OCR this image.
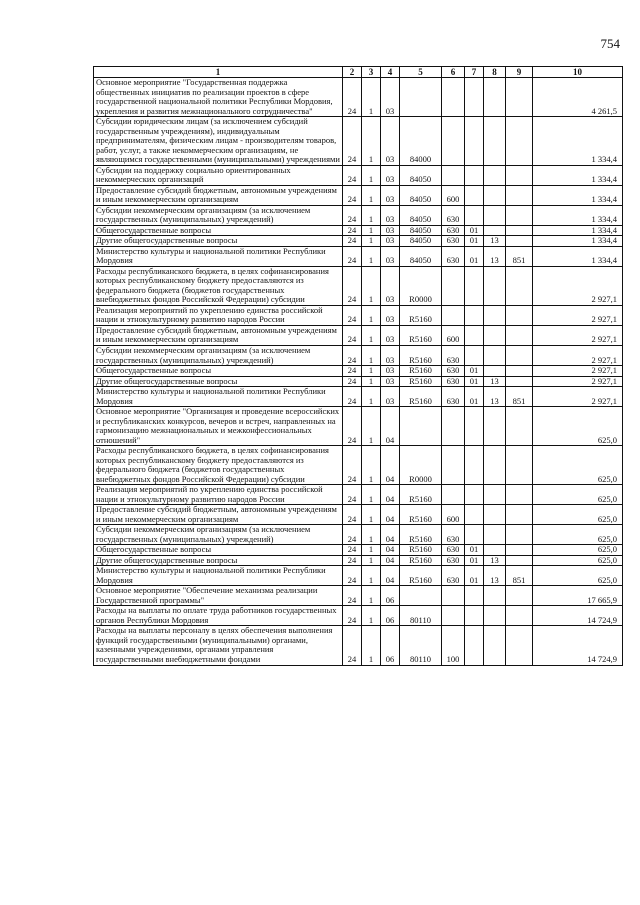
754
1	2	3	4	5	6	7	8	9	10
Основное мероприятие "Государственная поддержка общественных инициатив по реализации проектов в сфере государственной национальной политики Республики Мордовия, укрепления и развития межнационального сотрудничества"	24	1	03						4 261,5
Субсидии юридическим лицам (за исключением субсидий государственным учреждениям), индивидуальным предпринимателям, физическим лицам - производителям товаров, работ, услуг, а также некоммерческим организациям, не являющимся государственными (муниципальными) учреждениями	24	1	03	84000					1 334,4
Субсидии на поддержку социально ориентированных некоммерческих организаций	24	1	03	84050					1 334,4
Предоставление субсидий бюджетным, автономным учреждениям и иным некоммерческим организациям	24	1	03	84050	600				1 334,4
Субсидии некоммерческим организациям (за исключением государственных (муниципальных) учреждений)	24	1	03	84050	630				1 334,4
Общегосударственные вопросы	24	1	03	84050	630	01			1 334,4
Другие общегосударственные вопросы	24	1	03	84050	630	01	13		1 334,4
Министерство культуры и национальной политики Республики Мордовия	24	1	03	84050	630	01	13	851	1 334,4
Расходы республиканского бюджета, в целях софинансирования которых республиканскому бюджету предоставляются из федерального бюджета (бюджетов государственных внебюджетных фондов Российской Федерации) субсидии	24	1	03	R0000					2 927,1
Реализация мероприятий по укреплению единства российской нации и этнокультурному развитию народов России	24	1	03	R5160					2 927,1
Предоставление субсидий бюджетным, автономным учреждениям и иным некоммерческим организациям	24	1	03	R5160	600				2 927,1
Субсидии некоммерческим организациям (за исключением государственных (муниципальных) учреждений)	24	1	03	R5160	630				2 927,1
Общегосударственные вопросы	24	1	03	R5160	630	01			2 927,1
Другие общегосударственные вопросы	24	1	03	R5160	630	01	13		2 927,1
Министерство культуры и национальной политики Республики Мордовия	24	1	03	R5160	630	01	13	851	2 927,1
Основное мероприятие "Организация и проведение всероссийских и республиканских конкурсов, вечеров и встреч, направленных на гармонизацию межнациональных и межконфессиональных отношений"	24	1	04						625,0
Расходы республиканского бюджета, в целях софинансирования которых республиканскому бюджету предоставляются из федерального бюджета (бюджетов государственных внебюджетных фондов Российской Федерации) субсидии	24	1	04	R0000					625,0
Реализация мероприятий по укреплению единства российской нации и этнокультурному развитию народов России	24	1	04	R5160					625,0
Предоставление субсидий бюджетным, автономным учреждениям и иным некоммерческим организациям	24	1	04	R5160	600				625,0
Субсидии некоммерческим организациям (за исключением государственных (муниципальных) учреждений)	24	1	04	R5160	630				625,0
Общегосударственные вопросы	24	1	04	R5160	630	01			625,0
Другие общегосударственные вопросы	24	1	04	R5160	630	01	13		625,0
Министерство культуры и национальной политики Республики Мордовия	24	1	04	R5160	630	01	13	851	625,0
Основное мероприятие "Обеспечение механизма реализации Государственной программы"	24	1	06						17 665,9
Расходы на выплаты по оплате труда работников государственных органов Республики Мордовия	24	1	06	80110					14 724,9
Расходы на выплаты персоналу в целях обеспечения выполнения функций государственными (муниципальными) органами, казенными учреждениями, органами управления государственными внебюджетными фондами	24	1	06	80110	100				14 724,9
